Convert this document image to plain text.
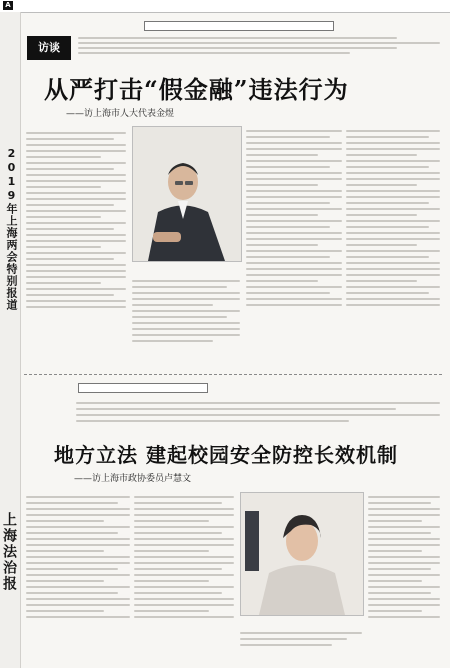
A
2019年上海两会特别报道
上海法治报
访谈
从严打击“假金融”违法行为
——访上海市人大代表金煜
地方立法 建起校园安全防控长效机制
——访上海市政协委员卢慧文
